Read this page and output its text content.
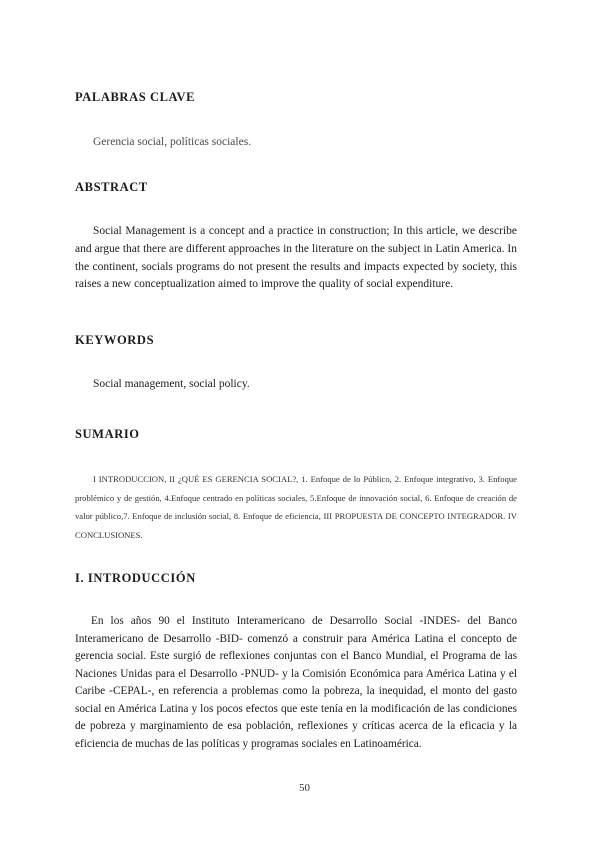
PALABRAS CLAVE

Gerencia social, políticas sociales.

ABSTRACT

Social Management is a concept and a practice in construction; In this article, we describe and argue that there are different approaches in the literature on the subject in Latin America. In the continent, socials programs do not present the results and impacts expected by society, this raises a new conceptualization aimed to improve the quality of social expenditure.

KEYWORDS

Social management, social policy.

SUMARIO

I INTRODUCCION, II ¿QUÉ ES GERENCIA SOCIAL?, 1. Enfoque de lo Público, 2. Enfoque integrativo, 3. Enfoque problémico y de gestión, 4.Enfoque centrado en políticas sociales, 5.Enfoque de innovación social, 6. Enfoque de creación de valor público,7. Enfoque de inclusión social, 8. Enfoque de eficiencia, III PROPUESTA DE CONCEPTO INTEGRADOR. IV CONCLUSIONES.

I. INTRODUCCIÓN

En los años 90 el Instituto Interamericano de Desarrollo Social -INDES- del Banco Interamericano de Desarrollo -BID- comenzó a construir para América Latina el concepto de gerencia social. Este surgió de reflexiones conjuntas con el Banco Mundial, el Programa de las Naciones Unidas para el Desarrollo -PNUD- y la Comisión Económica para América Latina y el Caribe -CEPAL-, en referencia a problemas como la pobreza, la inequidad, el monto del gasto social en América Latina y los pocos efectos que este tenía en la modificación de las condiciones de pobreza y marginamiento de esa población, reflexiones y críticas acerca de la eficacia y la eficiencia de muchas de las políticas y programas sociales en Latinoamérica.

50
